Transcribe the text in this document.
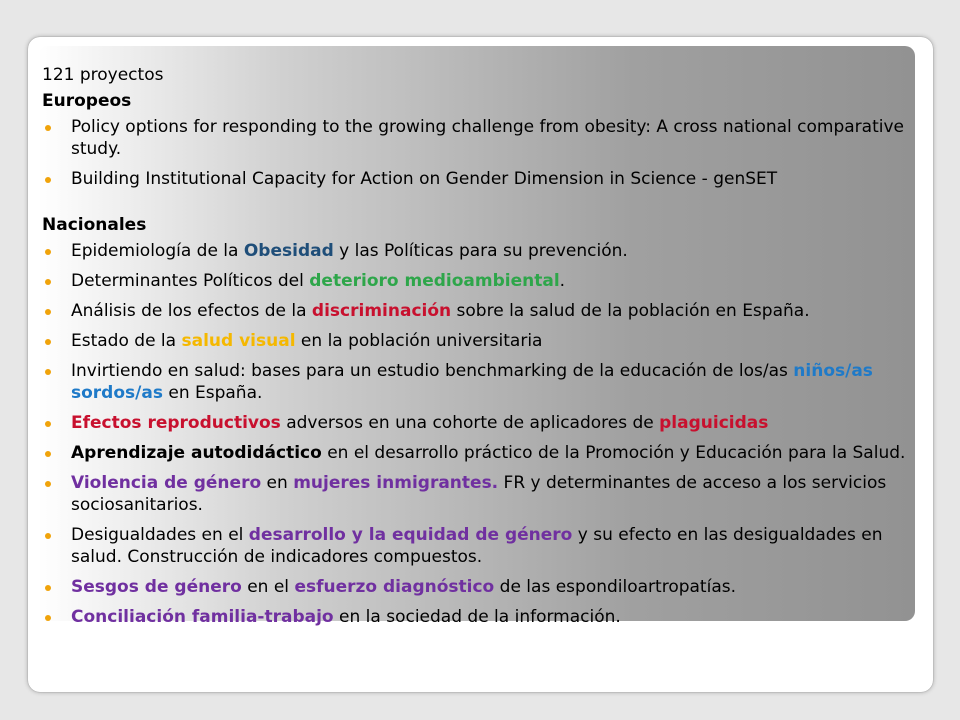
121 proyectos

Europeos

Policy options for responding to the growing challenge from obesity: A cross national comparative study.
Building Institutional Capacity for Action on Gender Dimension in Science - genSET

Nacionales

Epidemiología de la Obesidad y las Políticas para su prevención.
Determinantes Políticos del deterioro medioambiental.
Análisis de los efectos de la discriminación sobre la salud de la población en España.
Estado de la salud visual en la población universitaria
Invirtiendo en salud: bases para un estudio benchmarking de la educación de los/as niños/as sordos/as en España.
Efectos reproductivos adversos en una cohorte de aplicadores de plaguicidas
Aprendizaje autodidáctico en el desarrollo práctico de la Promoción y Educación para la Salud.
Violencia de género en mujeres inmigrantes. FR y determinantes de acceso a los servicios sociosanitarios.
Desigualdades en el desarrollo y la equidad de género y su efecto en las desigualdades en salud. Construcción de indicadores compuestos.
Sesgos de género en el esfuerzo diagnóstico de las espondiloartropatías.
Conciliación familia-trabajo en la sociedad de la información.
